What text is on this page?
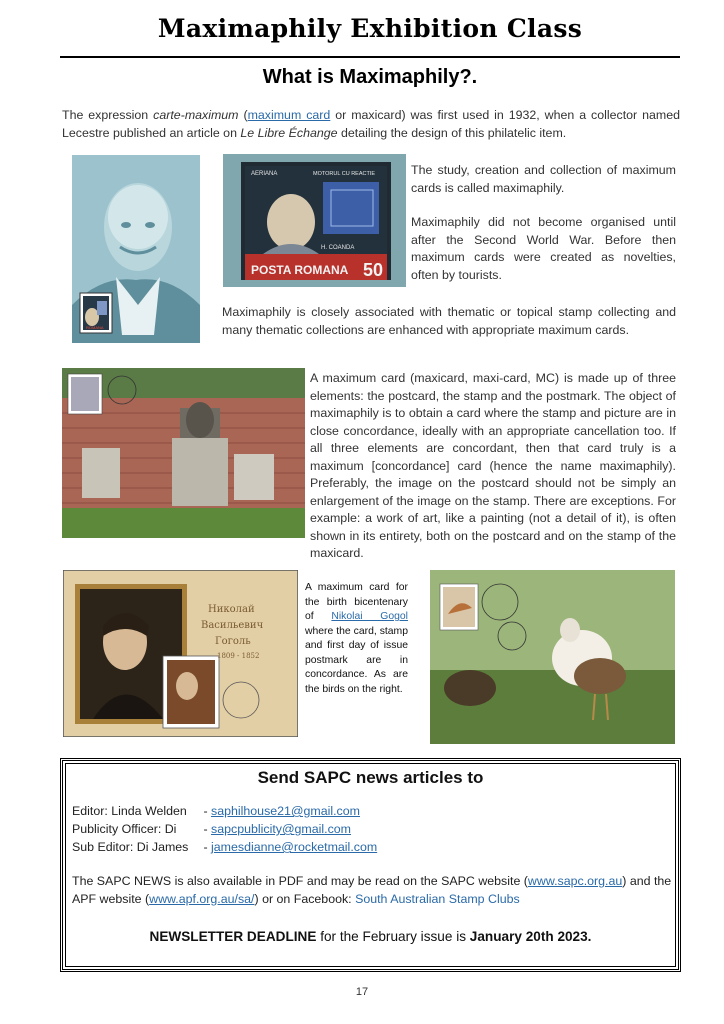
Maximaphily Exhibition Class
What is Maximaphily?.
The expression carte-maximum (maximum card or maxicard) was first used in 1932, when a collector named Lecestre published an article on Le Libre Échange detailing the design of this philatelic item.
ROMANA
AERIANA	MOTORUL CU REACTIE
H. COANDA
POSTA ROMANA 50
The study, creation and collection of maximum cards is called maximaphily.
Maximaphily did not become organised until after the Second World War. Before then maximum cards were created as novelties, often by tourists.
Maximaphily is closely associated with thematic or topical stamp collecting and many thematic collections are enhanced with appropriate maximum cards.
A maximum card (maxicard, maxi-card, MC) is made up of three elements: the postcard, the stamp and the postmark. The object of maximaphily is to obtain a card where the stamp and picture are in close concordance, ideally with an appropriate cancellation too. If all three elements are concordant, then that card truly is a maximum [concordance] card (hence the name maximaphily). Preferably, the image on the postcard should not be simply an enlargement of the image on the stamp. There are exceptions. For example: a work of art, like a painting (not a detail of it), is often shown in its entirety, both on the postcard and on the stamp of the maxicard.
Николай
Васильевич
Гоголь
1809 - 1852
A maximum card for the birth bicentenary of Nikolai Gogol where the card, stamp and first day of issue postmark are in concordance. As are the birds on the right.
Send SAPC news articles to
Editor: Linda Welden - saphilhouse21@gmail.com
Publicity Officer: Di - sapcpublicity@gmail.com
Sub Editor: Di James - jamesdianne@rocketmail.com
The SAPC NEWS is also available in PDF and may be read on the SAPC website (www.sapc.org.au) and the APF website (www.apf.org.au/sa/) or on Facebook: South Australian Stamp Clubs
NEWSLETTER DEADLINE for the February issue is January 20th 2023.
17
